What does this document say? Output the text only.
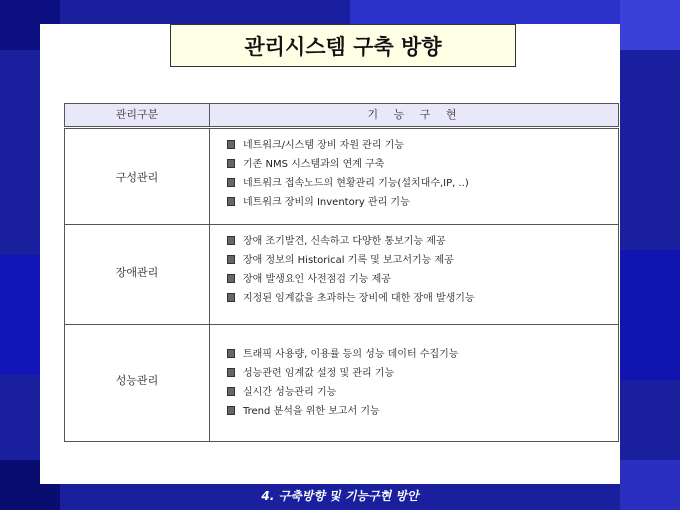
관리시스템 구축 방향
관리구분	기 능 구 현
구성관리
네트워크/시스템 장비 자원 관리 기능
기존 NMS 시스템과의 연계 구축
네트워크 접속노드의 현황관리 기능(설치대수,IP, ..)
네트워크 장비의 Inventory 관리 기능
장애관리
장애 조기발견, 신속하고 다양한 통보기능 제공
장애 정보의 Historical 기록 및 보고서기능 제공
장애 발생요인 사전점검 기능 제공
지정된 임계값을 초과하는 장비에 대한 장애 발생기능
성능관리
트래픽 사용량, 이용률 등의 성능 데이터 수집기능
성능관련 임계값 설정 및 관리 기능
실시간 성능관리 기능
Trend 분석을 위한 보고서 기능
4. 구축방향 및 기능구현 방안
